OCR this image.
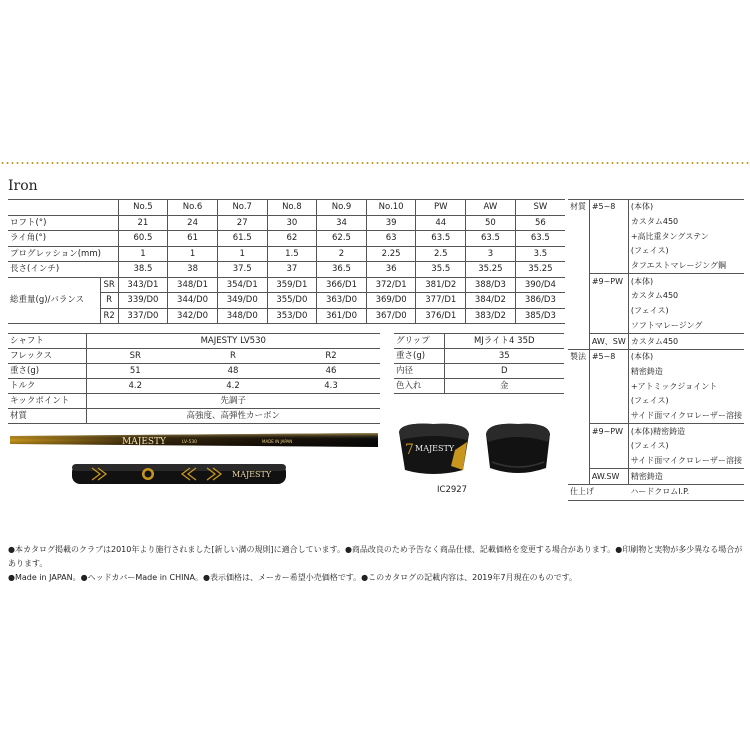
Iron
		No.5	No.6	No.7	No.8	No.9	No.10	PW	AW	SW
ロフト(°)		21	24	27	30	34	39	44	50	56
ライ角(°)		60.5	61	61.5	62	62.5	63	63.5	63.5	63.5
プログレッション(mm)		1	1	1	1.5	2	2.25	2.5	3	3.5
長さ(インチ)		38.5	38	37.5	37	36.5	36	35.5	35.25	35.25
総重量(g)/バランス	SR	343/D1	348/D1	354/D1	359/D1	366/D1	372/D1	381/D2	388/D3	390/D4
	R	339/D0	344/D0	349/D0	355/D0	363/D0	369/D0	377/D1	384/D2	386/D3
	R2	337/D0	342/D0	348/D0	353/D0	361/D0	367/D0	376/D1	383/D2	385/D3
シャフト	MAJESTY LV530		
フレックス	SR	R	R2
重さ(g)	51	48	46
トルク	4.2	4.2	4.3
キックポイント	先調子		
材質	高強度、高弾性カーボン		
グリップ	MJライト4 35D
重さ(g)	35
内径	D
色入れ	金
材質	#5~8	(本体)
		カスタム450
		+高比重タングステン
		(フェイス)
		タフエストマレージング鋼
	#9~PW	(本体)
		カスタム450
		(フェイス)
		ソフトマレージング
	AW、SW	カスタム450
製法	#5~8	(本体)
		精密鋳造
		+アトミックジョイント
		(フェイス)
		サイド面マイクロレーザー溶接
	#9~PW	(本体)精密鋳造
		(フェイス)
		サイド面マイクロレーザー溶接
	AW.SW	精密鋳造
仕上げ		ハードクロムI.P.
MAJESTY	LV-530	MADE IN JAPAN
MAJESTY
7 MAJESTY
IC2927
●本カタログ掲載のクラブは2010年より施行されました[新しい溝の規則]に適合しています。●商品改良のため予告なく商品仕様、記載価格を変更する場合があります。●印刷物と実物が多少異なる場合があります。
●Made in JAPAN。●ヘッドカバーMade in CHINA。●表示価格は、メーカー希望小売価格です。●このカタログの記載内容は、2019年7月現在のものです。
